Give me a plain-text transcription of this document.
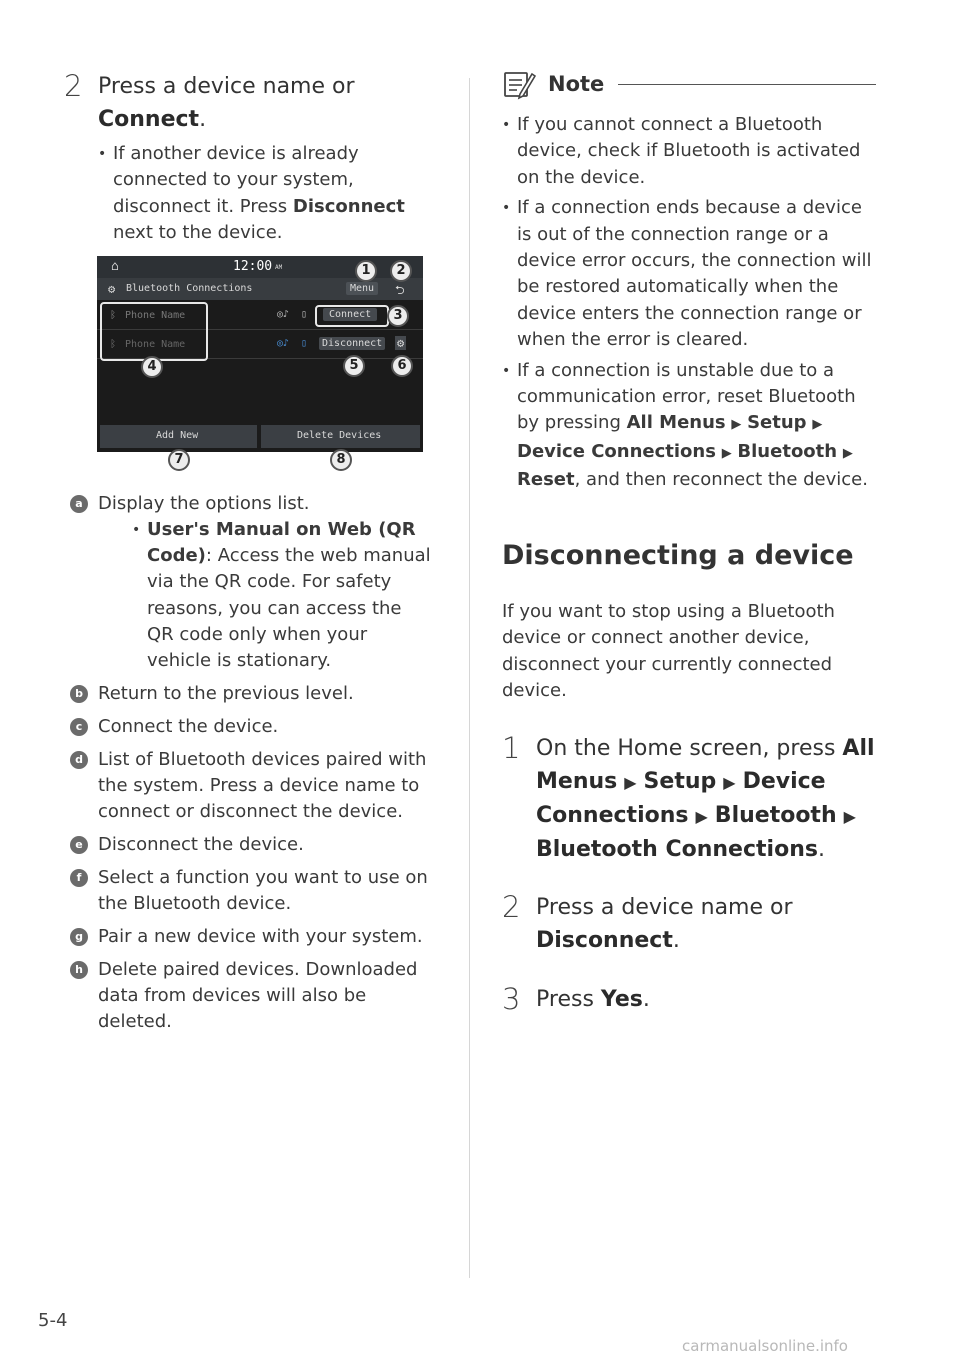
2 Press a device name or
Connect.
• If another device is already connected to your system, disconnect it. Press Disconnect next to the device.
⌂	12:00 AM
⚙ Bluetooth Connections	Menu	⮌
ᛒ Phone Name	◎♪ ▯	Connect
ᛒ Phone Name	◎♪ ▯	Disconnect ⚙
Add New	Delete Devices
1	2
3
4	5	6
7	8
a Display the options list.
• User's Manual on Web (QR Code): Access the web manual via the QR code. For safety reasons, you can access the QR code only when your vehicle is stationary.
b Return to the previous level.
c Connect the device.
d List of Bluetooth devices paired with the system. Press a device name to connect or disconnect the device.
e Disconnect the device.
f Select a function you want to use on the Bluetooth device.
g Pair a new device with your system.
h Delete paired devices. Downloaded data from devices will also be deleted.
Note
• If you cannot connect a Bluetooth device, check if Bluetooth is activated on the device.
• If a connection ends because a device is out of the connection range or a device error occurs, the connection will be restored automatically when the device enters the connection range or when the error is cleared.
• If a connection is unstable due to a communication error, reset Bluetooth by pressing All Menus ▶ Setup ▶ Device Connections ▶ Bluetooth ▶ Reset, and then reconnect the device.
Disconnecting a device
If you want to stop using a Bluetooth device or connect another device, disconnect your currently connected device.
1 On the Home screen, press All Menus ▶ Setup ▶ Device Connections ▶ Bluetooth ▶ Bluetooth Connections.
2 Press a device name or Disconnect.
3 Press Yes.
5-4
carmanualsonline.info
